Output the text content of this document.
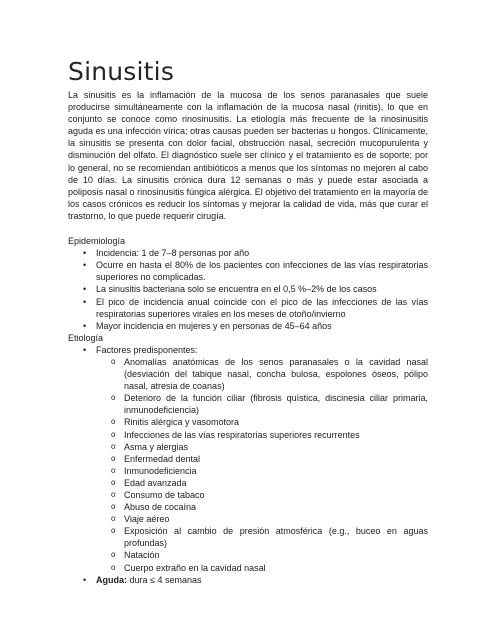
Sinusitis

La sinusitis es la inflamación de la mucosa de los senos paranasales que suele producirse simultáneamente con la inflamación de la mucosa nasal (rinitis), lo que en conjunto se conoce como rinosinusitis. La etiología más frecuente de la rinosinusitis aguda es una infección vírica; otras causas pueden ser bacterias u hongos. Clínicamente, la sinusitis se presenta con dolor facial, obstrucción nasal, secreción mucopurulenta y disminución del olfato. El diagnóstico suele ser clínico y el tratamiento es de soporte; por lo general, no se recomiendan antibióticos a menos que los síntomas no mejoren al cabo de 10 días. La sinusitis crónica dura 12 semanas o más y puede estar asociada a poliposis nasal o rinosinusitis fúngica alérgica. El objetivo del tratamiento en la mayoría de los casos crónicos es reducir los síntomas y mejorar la calidad de vida, más que curar el trastorno, lo que puede requerir cirugía.

Epidemiología

• Incidencia: 1 de 7–8 personas por año
• Ocurre en hasta el 80% de los pacientes con infecciones de las vías respiratorias superiores no complicadas.
• La sinusitis bacteriana solo se encuentra en el 0,5 %–2% de los casos
• El pico de incidencia anual coincide con el pico de las infecciones de las vías respiratorias superiores virales en los meses de otoño/invierno
• Mayor incidencia en mujeres y en personas de 45–64 años

Etiología

• Factores predisponentes:
o Anomalías anatómicas de los senos paranasales o la cavidad nasal (desviación del tabique nasal, concha bulosa, espolones óseos, pólipo nasal, atresia de coanas)
o Deterioro de la función ciliar (fibrosis quística, discinesia ciliar primaria, inmunodeficiencia)
o Rinitis alérgica y vasomotora
o Infecciones de las vías respiratorias superiores recurrentes
o Asma y alergias
o Enfermedad dental
o Inmunodeficiencia
o Edad avanzada
o Consumo de tabaco
o Abuso de cocaína
o Viaje aéreo
o Exposición al cambio de presión atmosférica (e.g., buceo en aguas profundas)
o Natación
o Cuerpo extraño en la cavidad nasal
• Aguda: dura ≤ 4 semanas
